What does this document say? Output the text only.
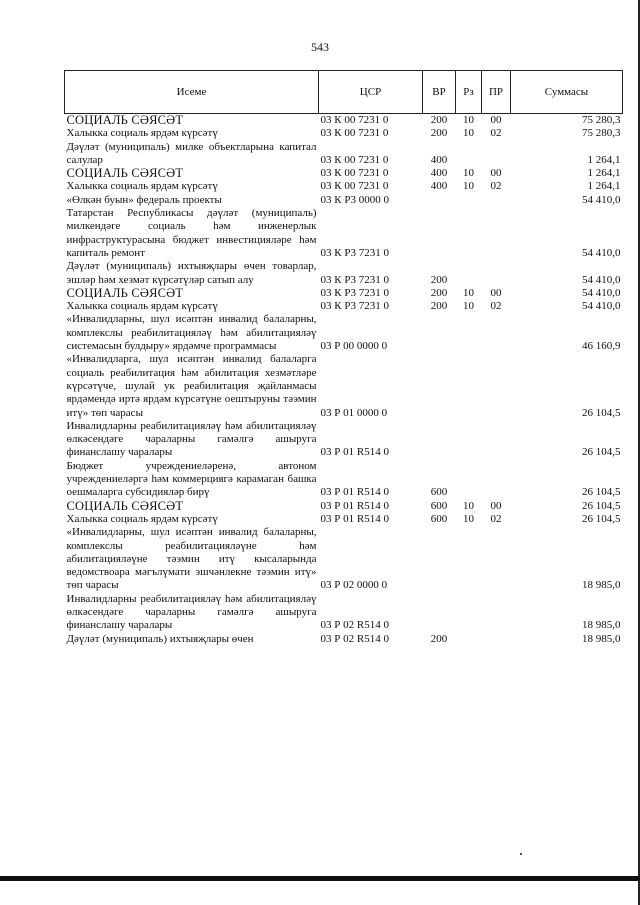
543
Исеме	ЦСР	ВР	Рз	ПР	Суммасы
СОЦИАЛЬ СӘЯСӘТ	03 К 00 7231 0	200	10	00	75 280,3
Халыкка социаль ярдәм күрсәтү	03 К 00 7231 0	200	10	02	75 280,3
Дәүләт (муниципаль) милке объектларына капитал салулар	03 К 00 7231 0	400			1 264,1
СОЦИАЛЬ СӘЯСӘТ	03 К 00 7231 0	400	10	00	1 264,1
Халыкка социаль ярдәм күрсәтү	03 К 00 7231 0	400	10	02	1 264,1
«Өлкән буын» федераль проекты	03 К Р3 0000 0				54 410,0
Татарстан Республикасы дәүләт (муниципаль) милкендәге социаль һәм инженерлык инфраструктурасына бюджет инвестицияләре һәм капиталь ремонт	03 К Р3 7231 0				54 410,0
Дәүләт (муниципаль) ихтыяҗлары өчен товарлар, эшләр һәм хезмәт күрсәтүләр сатып алу	03 К Р3 7231 0	200			54 410,0
СОЦИАЛЬ СӘЯСӘТ	03 К Р3 7231 0	200	10	00	54 410,0
Халыкка социаль ярдәм күрсәтү	03 К Р3 7231 0	200	10	02	54 410,0
«Инвалидларны, шул исәптән инвалид балаларны, комплекслы реабилитацияләү һәм абилитацияләү системасын булдыру» ярдәмче программасы	03 Р 00 0000 0				46 160,9
«Инвалидларга, шул исәптән инвалид балаларга социаль реабилитация һәм абилитация хезмәтләре күрсәтүче, шулай ук реабилитация җайланмасы ярдәмендә иртә ярдәм күрсәтүне оештыруны тәэмин итү» төп чарасы	03 Р 01 0000 0				26 104,5
Инвалидларны реабилитацияләү һәм абилитацияләү өлкәсендәге чараларны гамәлгә ашыруга финанслашу чаралары	03 Р 01 R514 0				26 104,5
Бюджет учреждениеләренә, автоном учреждениеләргә һәм коммерциягә карамаган башка оешмаларга субсидияләр бирү	03 Р 01 R514 0	600			26 104,5
СОЦИАЛЬ СӘЯСӘТ	03 Р 01 R514 0	600	10	00	26 104,5
Халыкка социаль ярдәм күрсәтү	03 Р 01 R514 0	600	10	02	26 104,5
«Инвалидларны, шул исәптән инвалид балаларны, комплекслы реабилитацияләүне һәм абилитацияләүне тәэмин итү кысаларында ведомствоара мәгълүмати эшчәнлекне тәэмин итү» төп чарасы	03 Р 02 0000 0				18 985,0
Инвалидларны реабилитацияләү һәм абилитацияләү өлкәсендәге чараларны гамәлгә ашыруга финанслашу чаралары	03 Р 02 R514 0				18 985,0
Дәүләт (муниципаль) ихтыяҗлары өчен	03 Р 02 R514 0	200			18 985,0
